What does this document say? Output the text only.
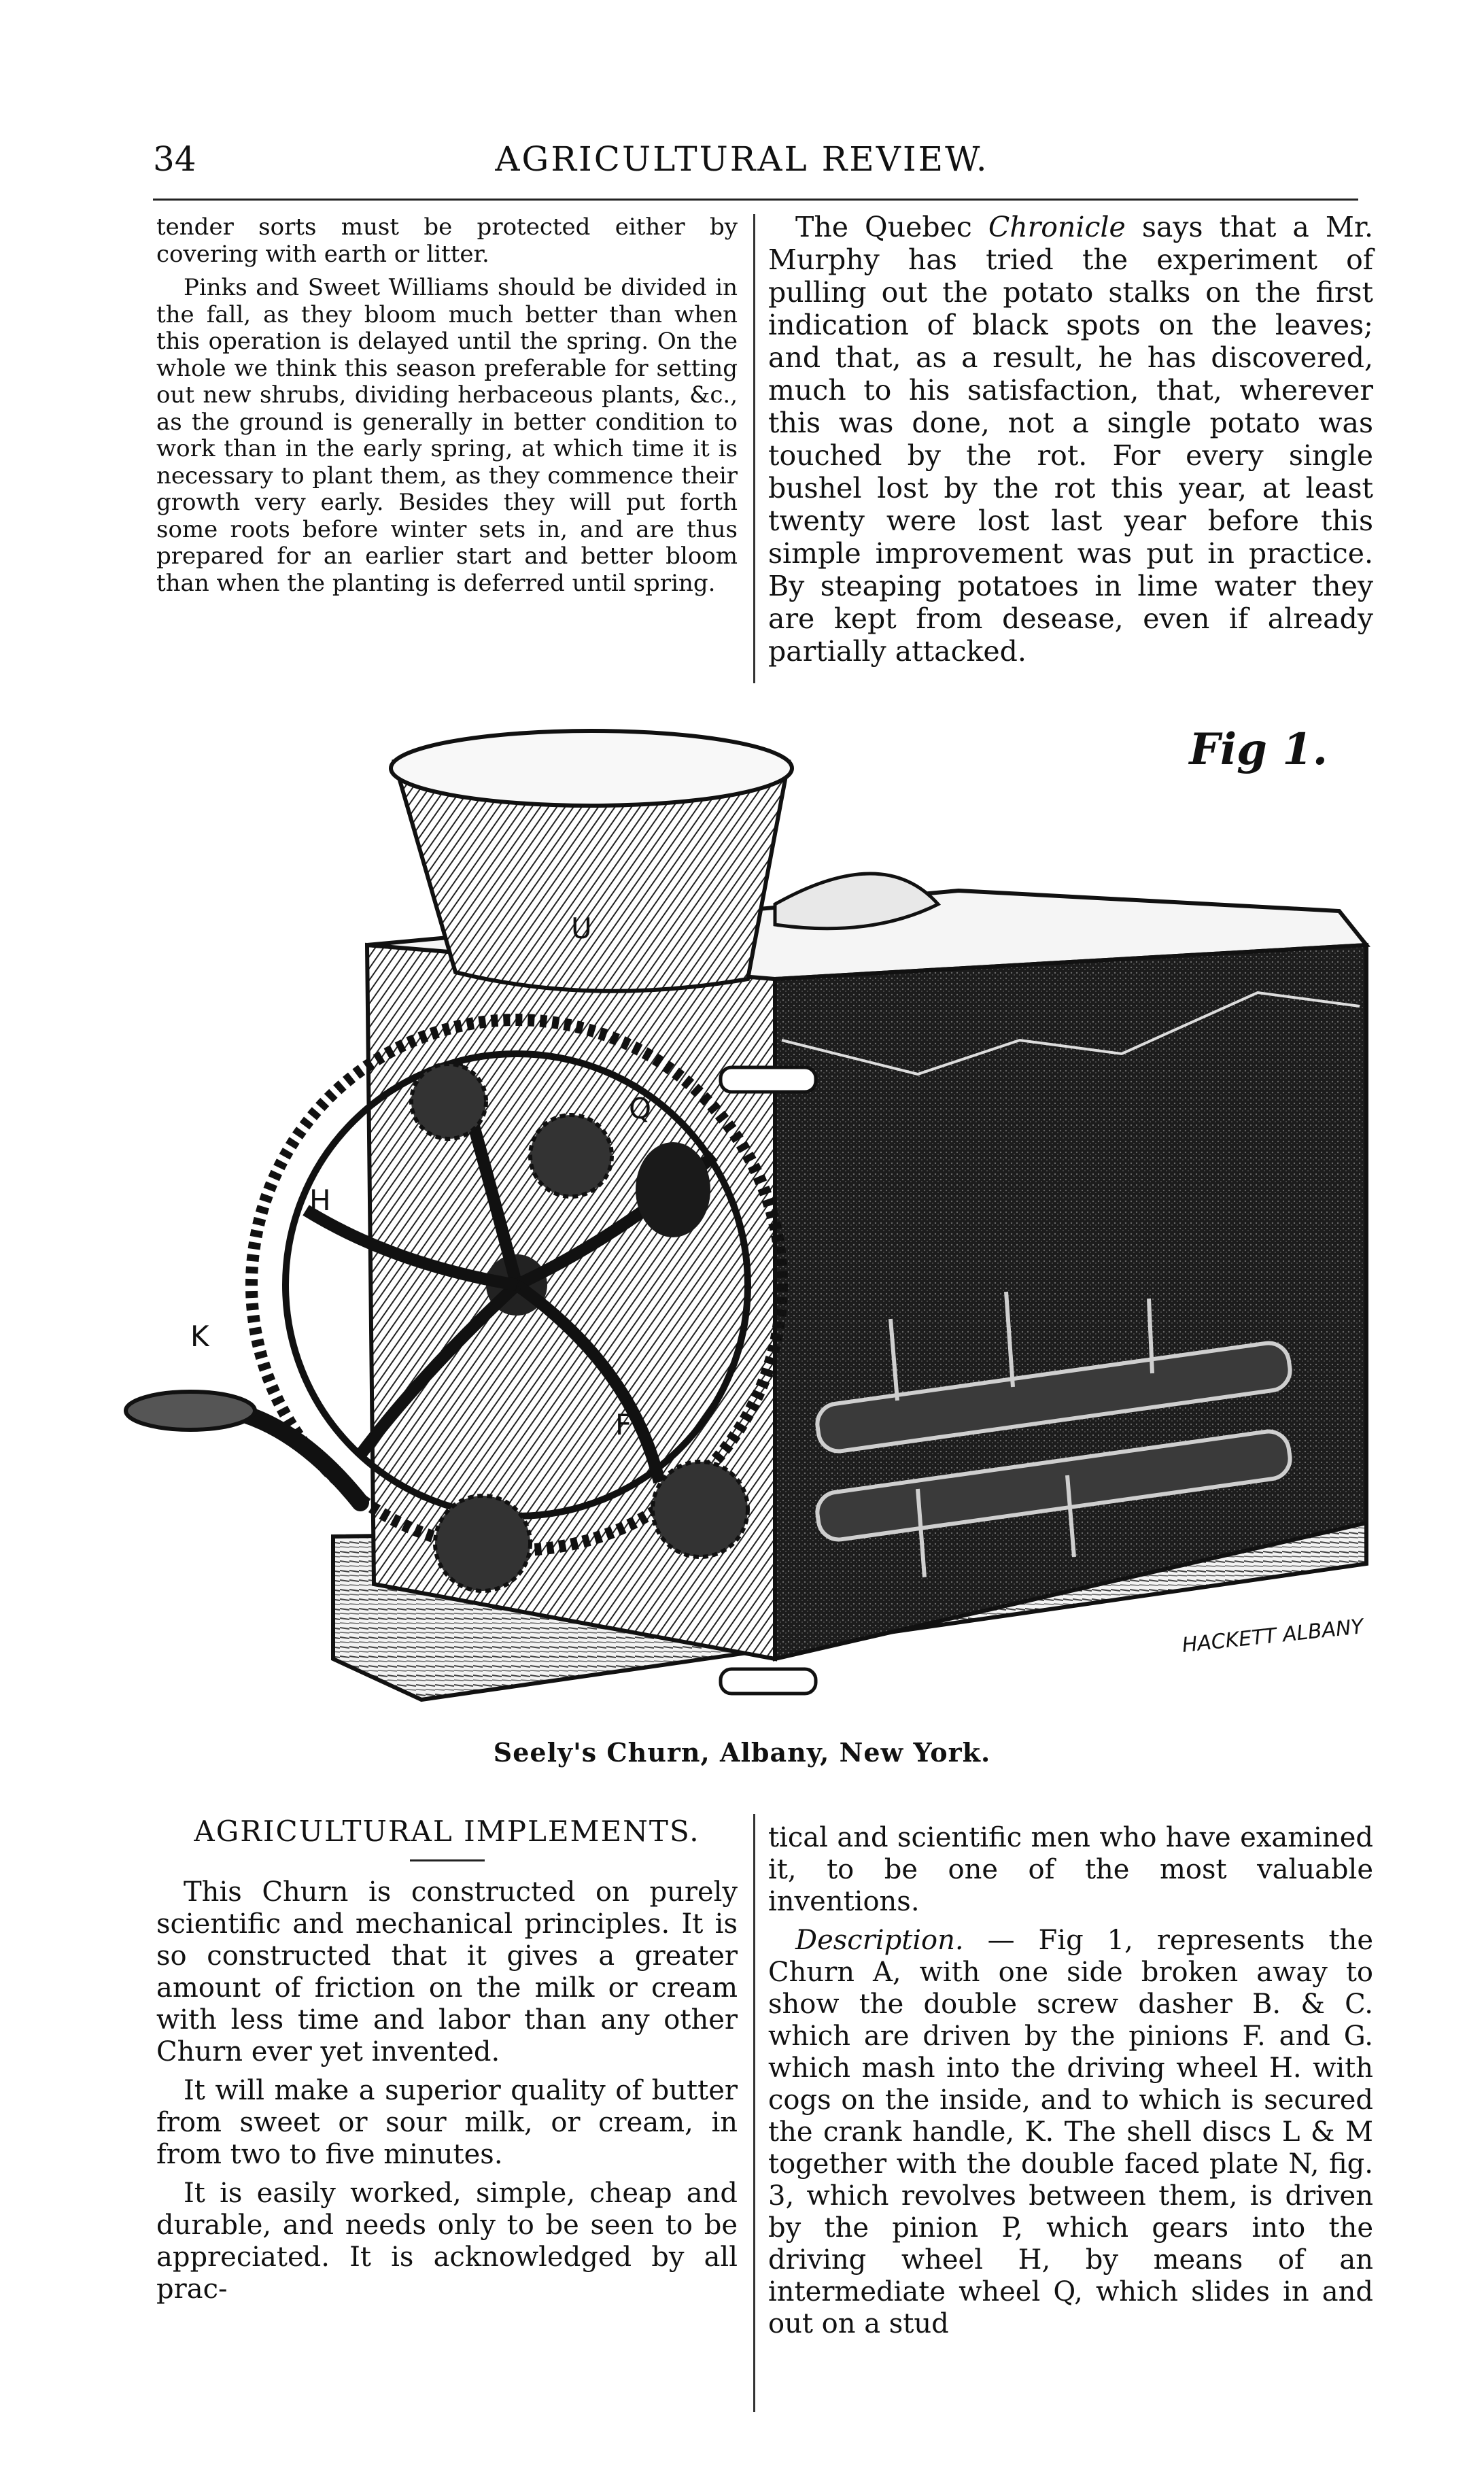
34	AGRICULTURAL REVIEW.

tender sorts must be protected either by covering with earth or litter.

Pinks and Sweet Williams should be divided in the fall, as they bloom much better than when this operation is delayed until the spring. On the whole we think this season preferable for setting out new shrubs, dividing herbaceous plants, &c., as the ground is generally in better condition to work than in the early spring, at which time it is necessary to plant them, as they commence their growth very early. Besides they will put forth some roots before winter sets in, and are thus prepared for an earlier start and better bloom than when the planting is deferred until spring.

The Quebec Chronicle says that a Mr. Murphy has tried the experiment of pulling out the potato stalks on the first indication of black spots on the leaves; and that, as a result, he has discovered, much to his satisfaction, that, wherever this was done, not a single potato was touched by the rot. For every single bushel lost by the rot this year, at least twenty were lost last year before this simple improvement was put in practice. By steaping potatoes in lime water they are kept from desease, even if already partially attacked.

Fig 1.
U
Q
H
K
F
HACKETT ALBANY
Seely's Churn, Albany, New York.

AGRICULTURAL IMPLEMENTS.

This Churn is constructed on purely scientific and mechanical principles. It is so constructed that it gives a greater amount of friction on the milk or cream with less time and labor than any other Churn ever yet invented.

It will make a superior quality of butter from sweet or sour milk, or cream, in from two to five minutes.

It is easily worked, simple, cheap and durable, and needs only to be seen to be appreciated. It is acknowledged by all prac-

tical and scientific men who have examined it, to be one of the most valuable inventions.

Description. — Fig 1, represents the Churn A, with one side broken away to show the double screw dasher B. & C. which are driven by the pinions F. and G. which mash into the driving wheel H. with cogs on the inside, and to which is secured the crank handle, K. The shell discs L & M together with the double faced plate N, fig. 3, which revolves between them, is driven by the pinion P, which gears into the driving wheel H, by means of an intermediate wheel Q, which slides in and out on a stud
